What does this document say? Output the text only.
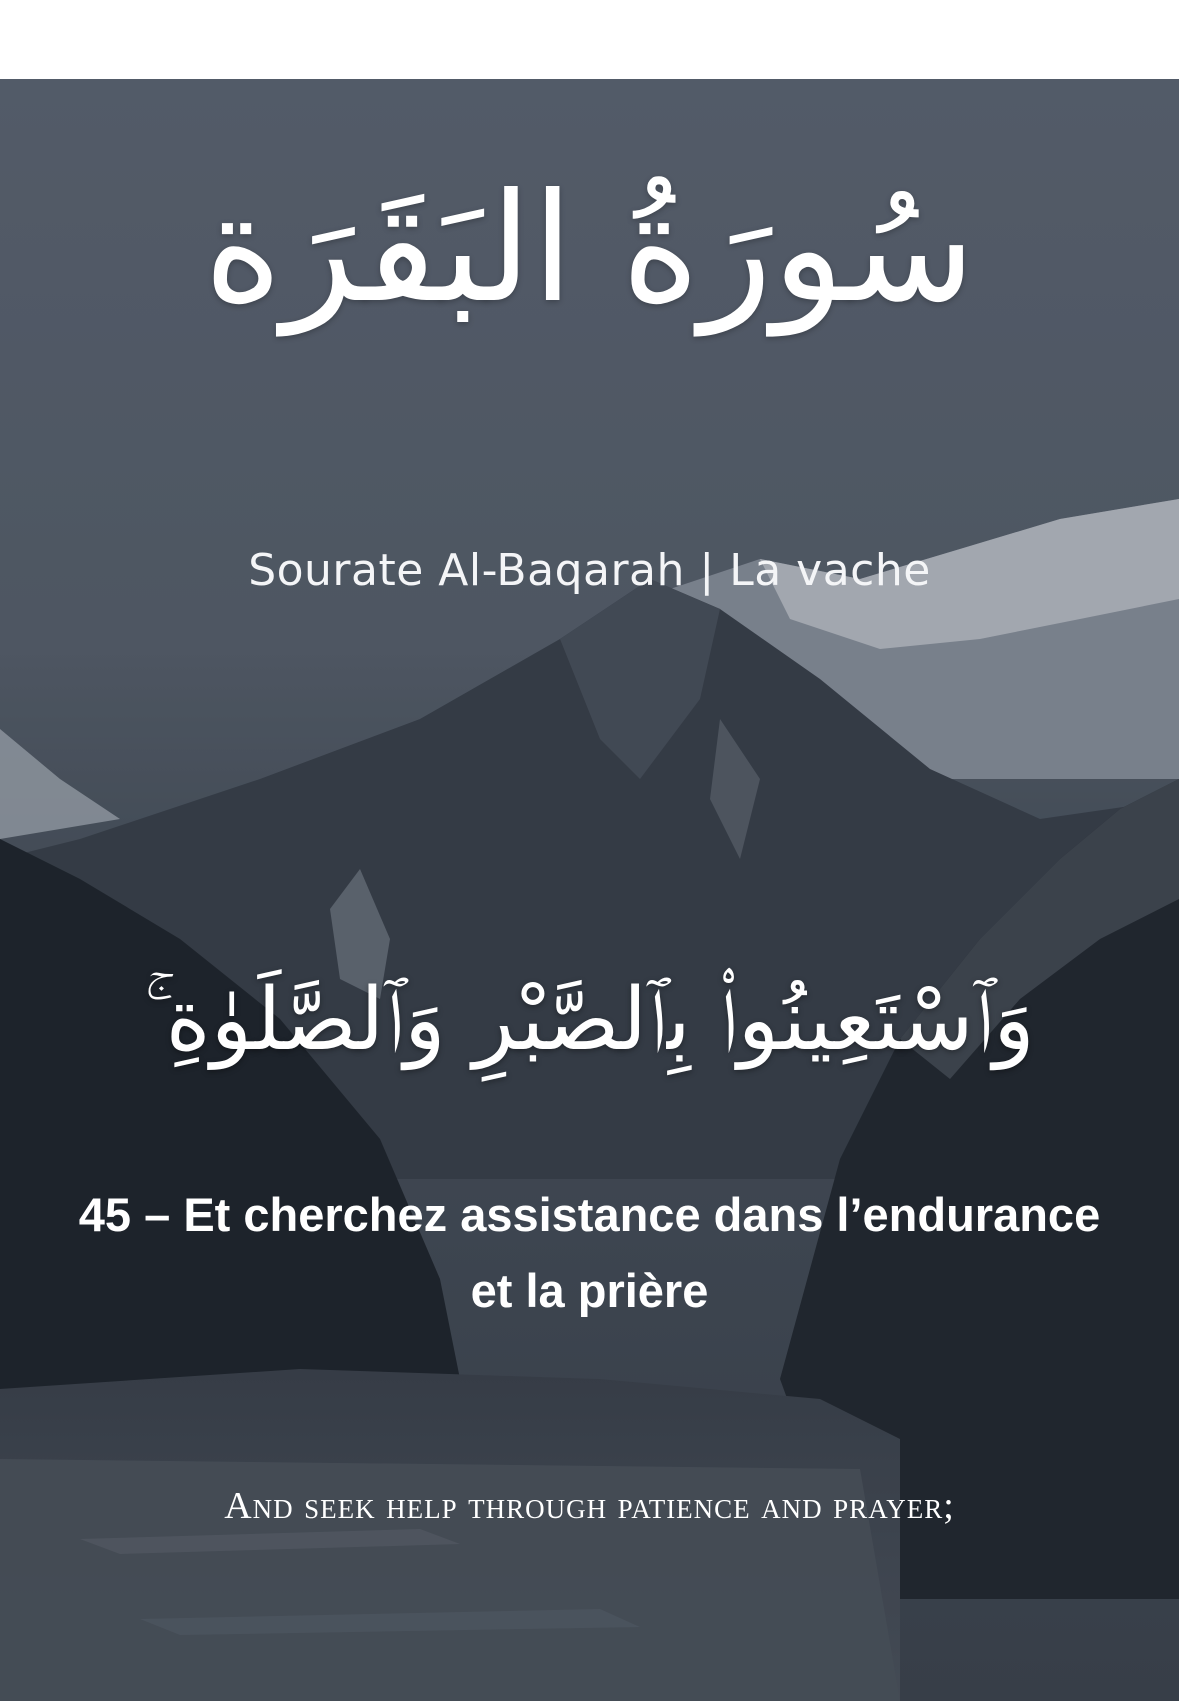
سُورَةُ البَقَرَة
Sourate Al-Baqarah | La vache
وَٱسْتَعِينُوا۟ بِٱلصَّبْرِ وَٱلصَّلَوٰةِ ۚ
45 – Et cherchez assistance dans l’endurance et la prière
And seek help through patience and prayer;
